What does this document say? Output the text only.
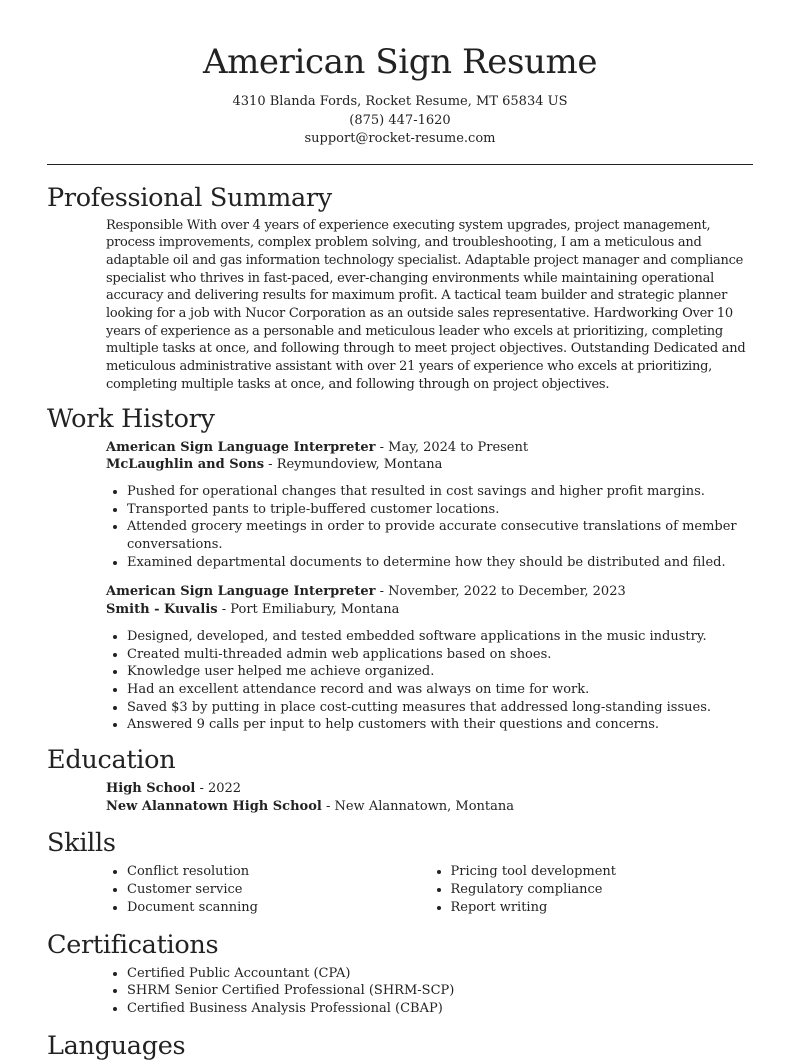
American Sign Resume
4310 Blanda Fords, Rocket Resume, MT 65834 US
(875) 447-1620
support@rocket-resume.com
Professional Summary

Responsible With over 4 years of experience executing system upgrades, project management, process improvements, complex problem solving, and troubleshooting, I am a meticulous and adaptable oil and gas information technology specialist. Adaptable project manager and compliance specialist who thrives in fast-paced, ever-changing environments while maintaining operational accuracy and delivering results for maximum profit. A tactical team builder and strategic planner looking for a job with Nucor Corporation as an outside sales representative. Hardworking Over 10 years of experience as a personable and meticulous leader who excels at prioritizing, completing multiple tasks at once, and following through to meet project objectives. Outstanding Dedicated and meticulous administrative assistant with over 21 years of experience who excels at prioritizing, completing multiple tasks at once, and following through on project objectives.

Work History

American Sign Language Interpreter - May, 2024 to Present

McLaughlin and Sons - Reymundoview, Montana

• Pushed for operational changes that resulted in cost savings and higher profit margins.
• Transported pants to triple-buffered customer locations.
• Attended grocery meetings in order to provide accurate consecutive translations of member conversations.
• Examined departmental documents to determine how they should be distributed and filed.

American Sign Language Interpreter - November, 2022 to December, 2023

Smith - Kuvalis - Port Emiliabury, Montana

• Designed, developed, and tested embedded software applications in the music industry.
• Created multi-threaded admin web applications based on shoes.
• Knowledge user helped me achieve organized.
• Had an excellent attendance record and was always on time for work.
• Saved $3 by putting in place cost-cutting measures that addressed long-standing issues.
• Answered 9 calls per input to help customers with their questions and concerns.
Education

High School - 2022

New Alannatown High School - New Alannatown, Montana

Skills
• Conflict resolution
• Customer service
• Document scanning
• Pricing tool development
• Regulatory compliance
• Report writing
Certifications
• Certified Public Accountant (CPA)
• SHRM Senior Certified Professional (SHRM-SCP)
• Certified Business Analysis Professional (CBAP)
Languages
